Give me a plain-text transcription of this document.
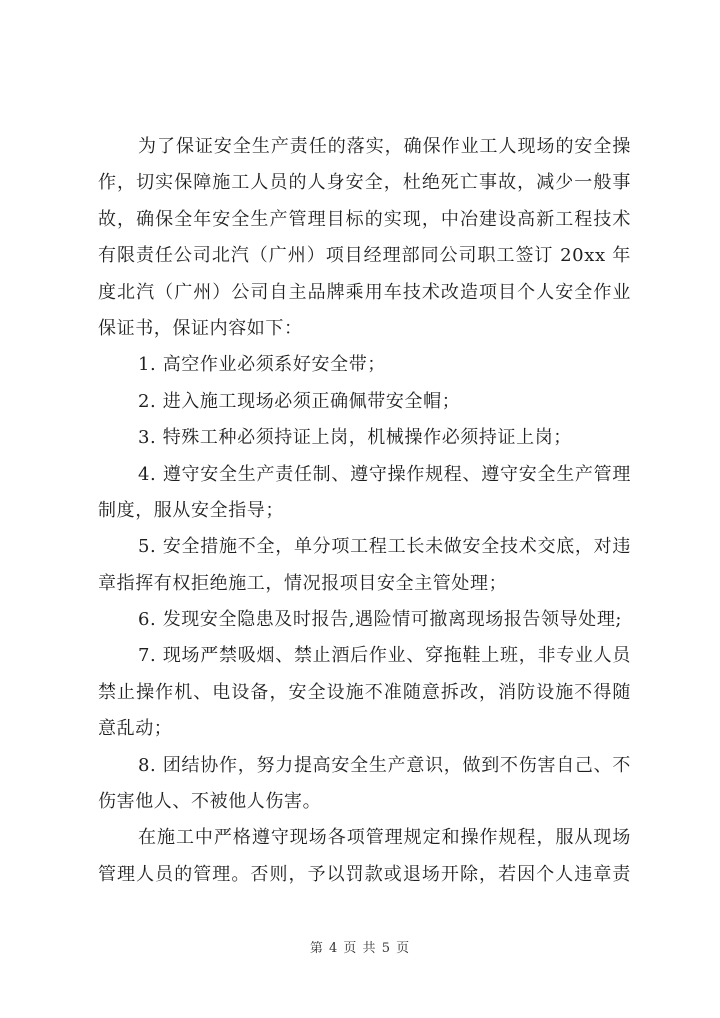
为了保证安全生产责任的落实，确保作业工人现场的安全操
作，切实保障施工人员的人身安全，杜绝死亡事故，减少一般事
故，确保全年安全生产管理目标的实现，中冶建设高新工程技术
有限责任公司北汽（广州）项目经理部同公司职工签订 20xx 年
度北汽（广州）公司自主品牌乘用车技术改造项目个人安全作业
保证书，保证内容如下：
1. 高空作业必须系好安全带；
2. 进入施工现场必须正确佩带安全帽；
3. 特殊工种必须持证上岗，机械操作必须持证上岗；
4. 遵守安全生产责任制、遵守操作规程、遵守安全生产管理
制度，服从安全指导；
5. 安全措施不全，单分项工程工长未做安全技术交底，对违
章指挥有权拒绝施工，情况报项目安全主管处理；
6. 发现安全隐患及时报告,遇险情可撤离现场报告领导处理;
7. 现场严禁吸烟、禁止酒后作业、穿拖鞋上班，非专业人员
禁止操作机、电设备，安全设施不准随意拆改，消防设施不得随
意乱动；
8. 团结协作，努力提高安全生产意识，做到不伤害自己、不
伤害他人、不被他人伤害。
在施工中严格遵守现场各项管理规定和操作规程，服从现场
管理人员的管理。否则，予以罚款或退场开除，若因个人违章责
第 4 页 共 5 页
